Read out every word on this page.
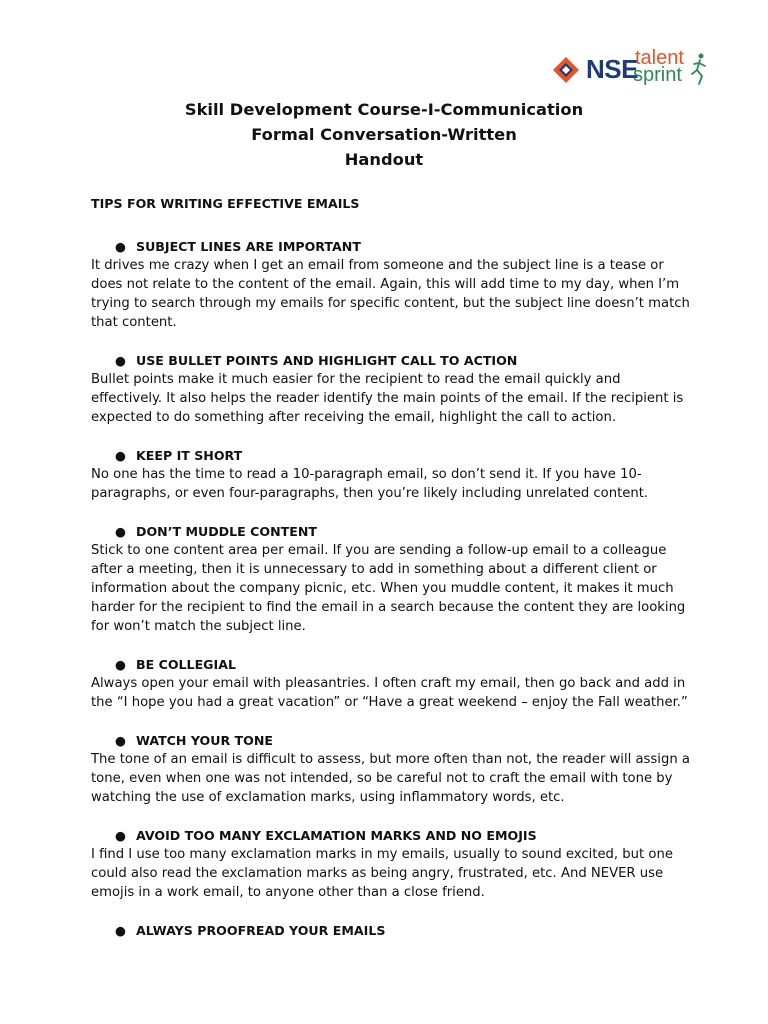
NSE
talent
sprint
Skill Development Course-I-Communication
Formal Conversation-Written
Handout
TIPS FOR WRITING EFFECTIVE EMAILS
● SUBJECT LINES ARE IMPORTANT

It drives me crazy when I get an email from someone and the subject line is a tease or does not relate to the content of the email. Again, this will add time to my day, when I’m trying to search through my emails for specific content, but the subject line doesn’t match that content.

● USE BULLET POINTS AND HIGHLIGHT CALL TO ACTION

Bullet points make it much easier for the recipient to read the email quickly and effectively. It also helps the reader identify the main points of the email. If the recipient is expected to do something after receiving the email, highlight the call to action.

● KEEP IT SHORT

No one has the time to read a 10-paragraph email, so don’t send it. If you have 10-paragraphs, or even four-paragraphs, then you’re likely including unrelated content.

● DON’T MUDDLE CONTENT

Stick to one content area per email. If you are sending a follow-up email to a colleague after a meeting, then it is unnecessary to add in something about a different client or information about the company picnic, etc. When you muddle content, it makes it much harder for the recipient to find the email in a search because the content they are looking for won’t match the subject line.

● BE COLLEGIAL

Always open your email with pleasantries. I often craft my email, then go back and add in the “I hope you had a great vacation” or “Have a great weekend – enjoy the Fall weather.”

● WATCH YOUR TONE

The tone of an email is difficult to assess, but more often than not, the reader will assign a tone, even when one was not intended, so be careful not to craft the email with tone by watching the use of exclamation marks, using inflammatory words, etc.

● AVOID TOO MANY EXCLAMATION MARKS AND NO EMOJIS

I find I use too many exclamation marks in my emails, usually to sound excited, but one could also read the exclamation marks as being angry, frustrated, etc. And NEVER use emojis in a work email, to anyone other than a close friend.

● ALWAYS PROOFREAD YOUR EMAILS
